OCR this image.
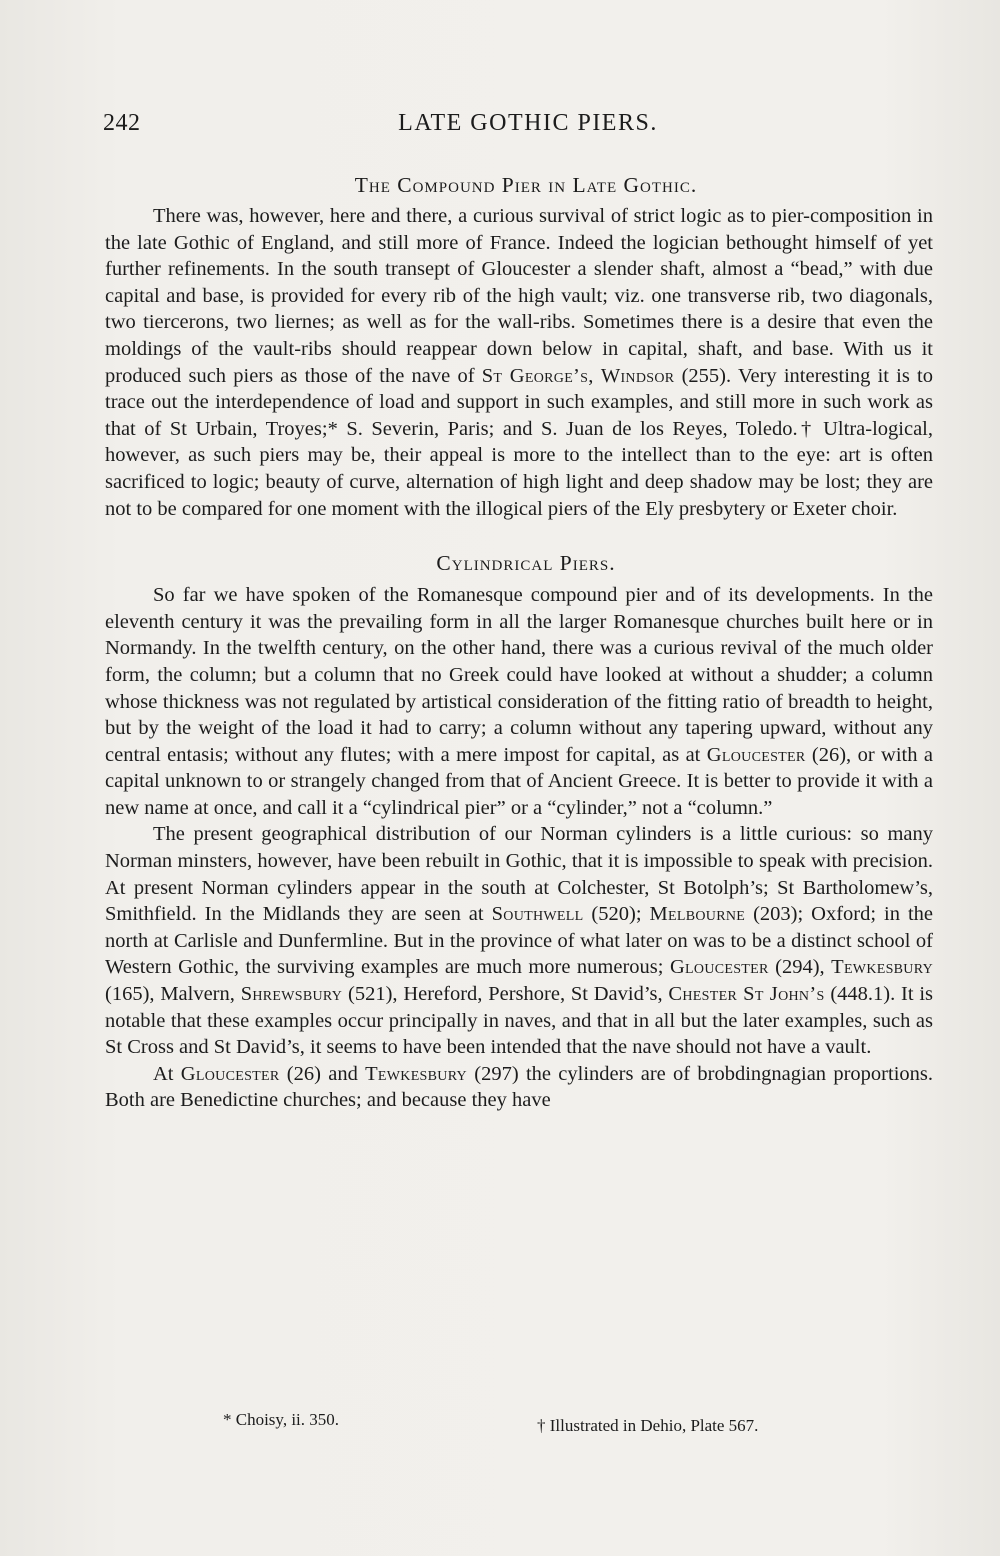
242	LATE GOTHIC PIERS.
The Compound Pier in Late Gothic.

There was, however, here and there, a curious survival of strict logic as to pier-composition in the late Gothic of England, and still more of France. Indeed the logician bethought himself of yet further refinements. In the south transept of Gloucester a slender shaft, almost a “bead,” with due capital and base, is provided for every rib of the high vault; viz. one transverse rib, two diagonals, two tiercerons, two liernes; as well as for the wall-ribs. Sometimes there is a desire that even the moldings of the vault-ribs should reappear down below in capital, shaft, and base. With us it produced such piers as those of the nave of St George’s, Windsor (255). Very interesting it is to trace out the interdependence of load and support in such examples, and still more in such work as that of St Urbain, Troyes;* S. Severin, Paris; and S. Juan de los Reyes, Toledo.† Ultra-logical, however, as such piers may be, their appeal is more to the intellect than to the eye: art is often sacrificed to logic; beauty of curve, alternation of high light and deep shadow may be lost; they are not to be compared for one moment with the illogical piers of the Ely presbytery or Exeter choir.

Cylindrical Piers.

So far we have spoken of the Romanesque compound pier and of its developments. In the eleventh century it was the prevailing form in all the larger Romanesque churches built here or in Normandy. In the twelfth century, on the other hand, there was a curious revival of the much older form, the column; but a column that no Greek could have looked at without a shudder; a column whose thickness was not regulated by artistical consideration of the fitting ratio of breadth to height, but by the weight of the load it had to carry; a column without any tapering upward, without any central entasis; without any flutes; with a mere impost for capital, as at Gloucester (26), or with a capital unknown to or strangely changed from that of Ancient Greece. It is better to provide it with a new name at once, and call it a “cylindrical pier” or a “cylinder,” not a “column.”

The present geographical distribution of our Norman cylinders is a little curious: so many Norman minsters, however, have been rebuilt in Gothic, that it is impossible to speak with precision. At present Norman cylinders appear in the south at Colchester, St Botolph’s; St Bartholomew’s, Smithfield. In the Midlands they are seen at Southwell (520); Melbourne (203); Oxford; in the north at Carlisle and Dunfermline. But in the province of what later on was to be a distinct school of Western Gothic, the surviving examples are much more numerous; Gloucester (294), Tewkesbury (165), Malvern, Shrewsbury (521), Hereford, Pershore, St David’s, Chester St John’s (448.1). It is notable that these examples occur principally in naves, and that in all but the later examples, such as St Cross and St David’s, it seems to have been intended that the nave should not have a vault.

At Gloucester (26) and Tewkesbury (297) the cylinders are of brobdingnagian proportions. Both are Benedictine churches; and because they have

* Choisy, ii. 350.	† Illustrated in Dehio, Plate 567.
